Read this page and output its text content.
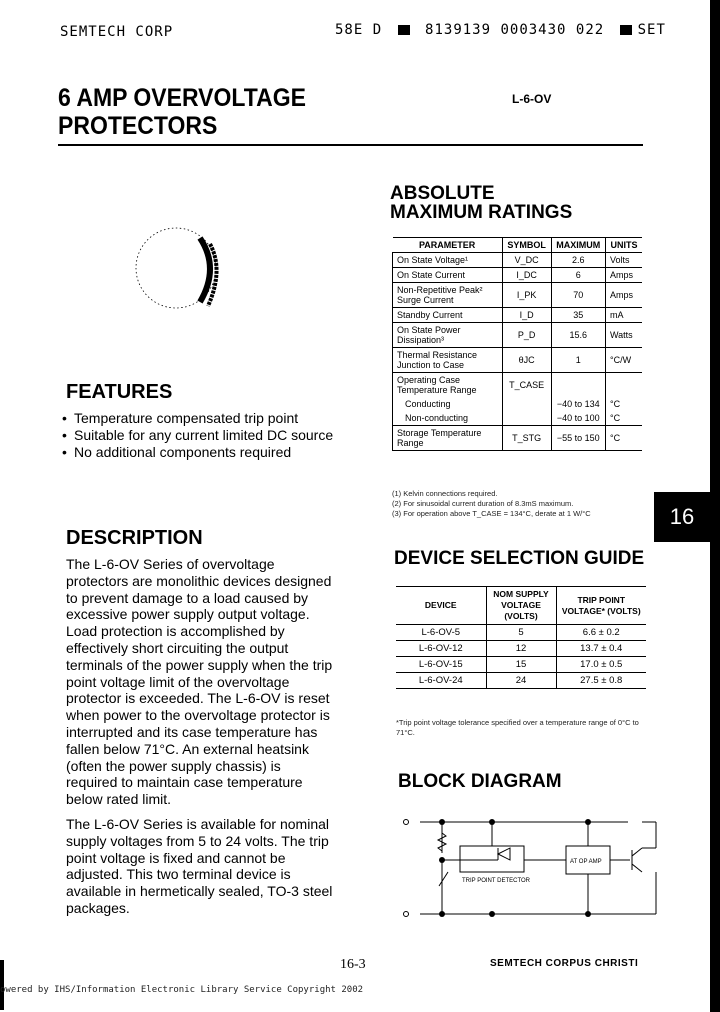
SEMTECH CORP	58E D	8139139 0003430 022 SET
6 AMP OVERVOLTAGE
PROTECTORS
L-6-OV
FEATURES
• Temperature compensated trip point
• Suitable for any current limited DC source
• No additional components required
DESCRIPTION

The L-6-OV Series of overvoltage protectors are monolithic devices designed to prevent damage to a load caused by excessive power supply output voltage. Load protection is accomplished by effectively short circuiting the output terminals of the power supply when the trip point voltage limit of the overvoltage protector is exceeded. The L-6-OV is reset when power to the overvoltage protector is interrupted and its case temperature has fallen below 71°C. An external heatsink (often the power supply chassis) is required to maintain case temperature below rated limit.

The L-6-OV Series is available for nominal supply voltages from 5 to 24 volts. The trip point voltage is fixed and cannot be adjusted. This two terminal device is available in hermetically sealed, TO-3 steel packages.

ABSOLUTE
MAXIMUM RATINGS
PARAMETER	SYMBOL	MAXIMUM	UNITS
On State Voltage¹	V_DC	2.6	Volts
On State Current	I_DC	6	Amps
Non-Repetitive Peak² Surge Current	I_PK	70	Amps
Standby Current	I_D	35	mA
On State Power Dissipation³	P_D	15.6	Watts
Thermal Resistance Junction to Case	θJC	1	°C/W
Operating Case Temperature Range	T_CASE		
Conducting		−40 to 134	°C
Non-conducting		−40 to 100	°C
Storage Temperature Range	T_STG	−55 to 150	°C
(1) Kelvin connections required.
(2) For sinusoidal current duration of 8.3mS maximum.
(3) For operation above T_CASE = 134°C, derate at 1 W/°C	16
DEVICE SELECTION GUIDE
DEVICE	NOM SUPPLY VOLTAGE (VOLTS)	TRIP POINT VOLTAGE* (VOLTS)
L-6-OV-5	5	6.6 ± 0.2
L-6-OV-12	12	13.7 ± 0.4
L-6-OV-15	15	17.0 ± 0.5
L-6-OV-24	24	27.5 ± 0.8
*Trip point voltage tolerance specified over a temperature range of 0°C to 71°C.
BLOCK DIAGRAM
TRIP POINT DETECTOR
AT OP AMP
16-3	SEMTECH CORPUS CHRISTI
owered by IHS/Information Electronic Library Service Copyright 2002
